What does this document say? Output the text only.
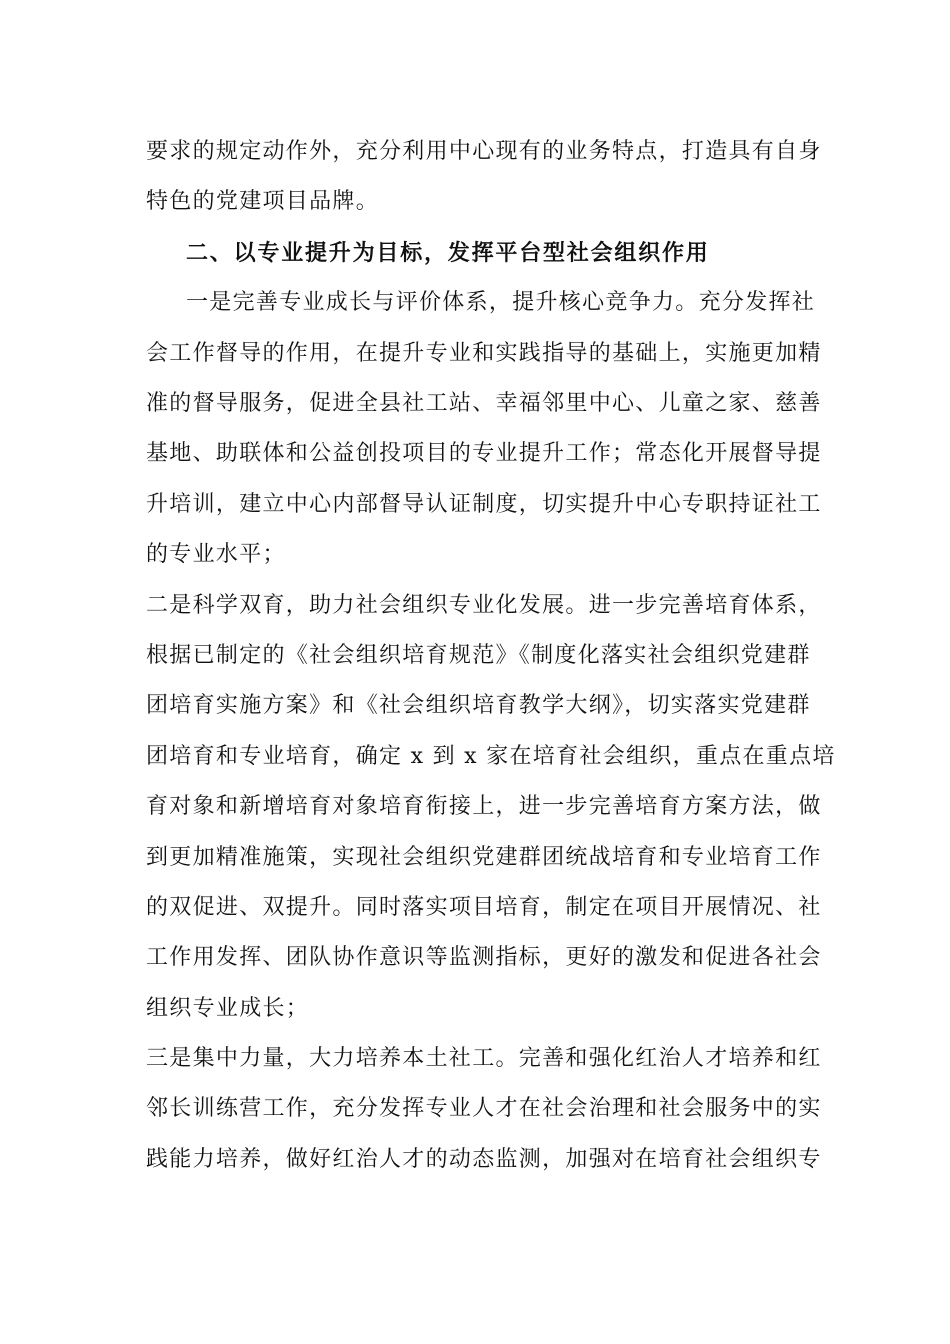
要求的规定动作外，充分利用中心现有的业务特点，打造具有自身
特色的党建项目品牌。
二、以专业提升为目标，发挥平台型社会组织作用
一是完善专业成长与评价体系，提升核心竞争力。充分发挥社
会工作督导的作用，在提升专业和实践指导的基础上，实施更加精
准的督导服务，促进全县社工站、幸福邻里中心、儿童之家、慈善
基地、助联体和公益创投项目的专业提升工作；常态化开展督导提
升培训，建立中心内部督导认证制度，切实提升中心专职持证社工
的专业水平；
二是科学双育，助力社会组织专业化发展。进一步完善培育体系，
根据已制定的《社会组织培育规范》《制度化落实社会组织党建群
团培育实施方案》和《社会组织培育教学大纲》，切实落实党建群
团培育和专业培育，确定 x 到 x 家在培育社会组织，重点在重点培
育对象和新增培育对象培育衔接上，进一步完善培育方案方法，做
到更加精准施策，实现社会组织党建群团统战培育和专业培育工作
的双促进、双提升。同时落实项目培育，制定在项目开展情况、社
工作用发挥、团队协作意识等监测指标，更好的激发和促进各社会
组织专业成长；
三是集中力量，大力培养本土社工。完善和强化红治人才培养和红
邻长训练营工作，充分发挥专业人才在社会治理和社会服务中的实
践能力培养，做好红治人才的动态监测，加强对在培育社会组织专
